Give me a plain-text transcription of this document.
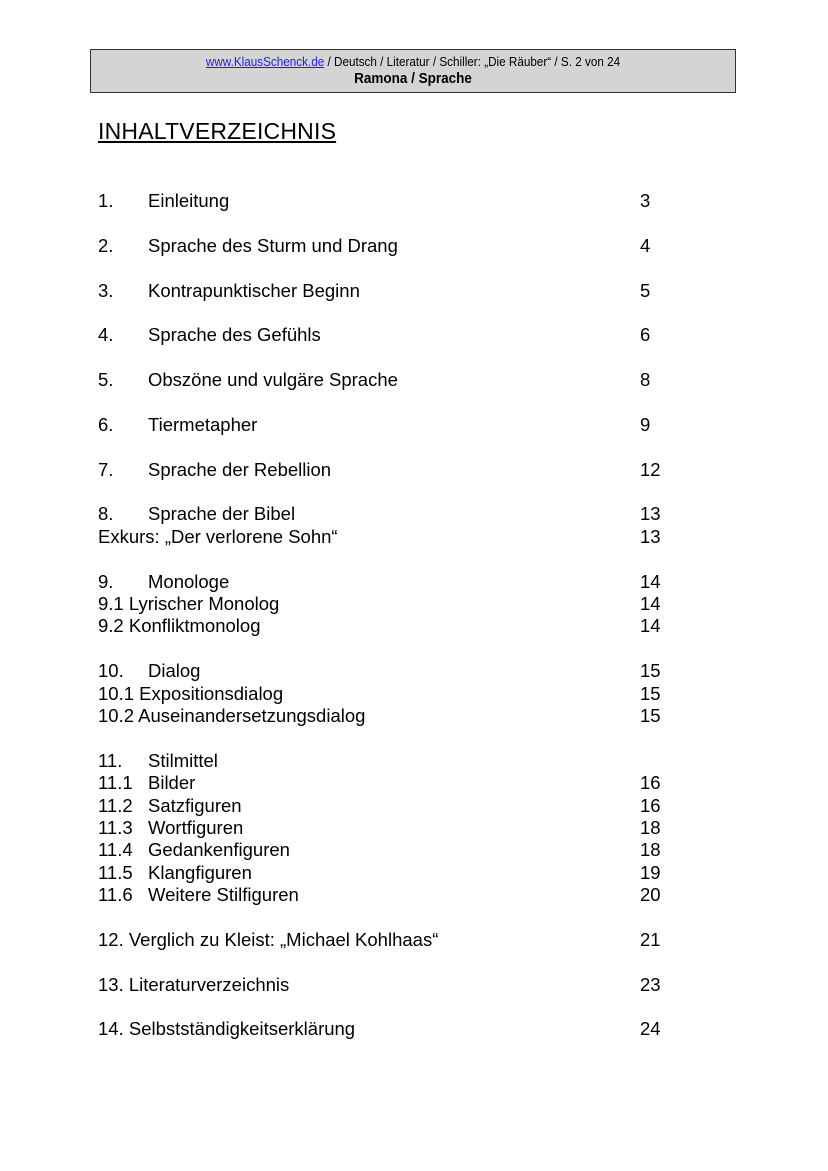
www.KlausSchenck.de / Deutsch / Literatur / Schiller: „Die Räuber“ / S. 2 von 24
Ramona / Sprache
INHALTVERZEICHNIS
1. Einleitung	3
2. Sprache des Sturm und Drang	4
3. Kontrapunktischer Beginn	5
4. Sprache des Gefühls	6
5. Obszöne und vulgäre Sprache	8
6. Tiermetapher	9
7. Sprache der Rebellion	12
8. Sprache der Bibel	13
Exkurs: „Der verlorene Sohn“	13
9. Monologe	14
9.1 Lyrischer Monolog	14
9.2 Konfliktmonolog	14
10. Dialog	15
10.1 Expositionsdialog	15
10.2 Auseinandersetzungsdialog	15
11. Stilmittel
11.1 Bilder	16
11.2 Satzfiguren	16
11.3 Wortfiguren	18
11.4 Gedankenfiguren	18
11.5 Klangfiguren	19
11.6 Weitere Stilfiguren	20
12. Verglich zu Kleist: „Michael Kohlhaas“	21
13. Literaturverzeichnis	23
14. Selbstständigkeitserklärung	24
